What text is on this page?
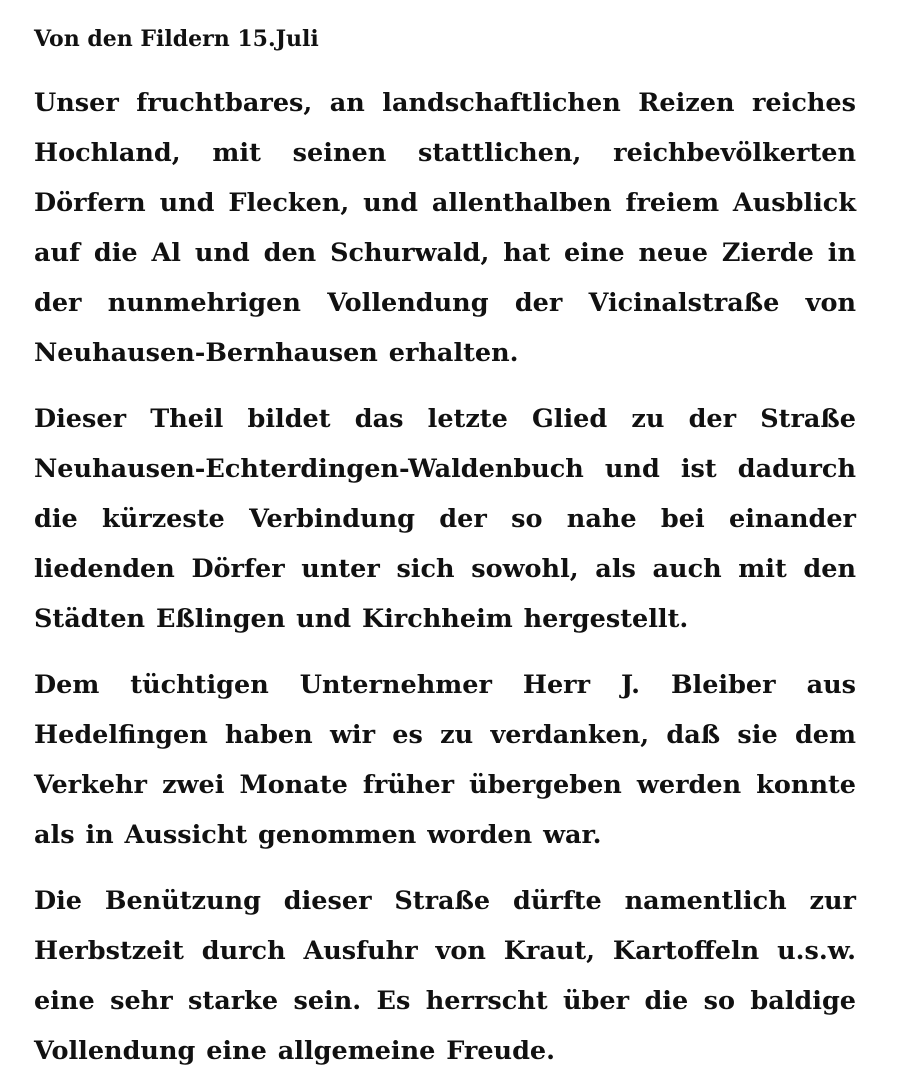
Von den Fildern 15.Juli

Unser fruchtbares, an landschaftlichen Reizen reiches Hochland, mit seinen stattlichen, reichbevölkerten Dörfern und Flecken, und allenthalben freiem Ausblick auf die Al und den Schurwald, hat eine neue Zierde in der nunmehrigen Vollendung der Vicinalstraße von Neuhausen-Bernhausen erhalten.

Dieser Theil bildet das letzte Glied zu der Straße Neuhausen-Echterdingen-Waldenbuch und ist dadurch die kürzeste Verbindung der so nahe bei einander liedenden Dörfer unter sich sowohl, als auch mit den Städten Eßlingen und Kirchheim hergestellt.

Dem tüchtigen Unternehmer Herr J. Bleiber aus Hedelfingen haben wir es zu verdanken, daß sie dem Verkehr zwei Monate früher übergeben werden konnte als in Aussicht genommen worden war.

Die Benützung dieser Straße dürfte namentlich zur Herbstzeit durch Ausfuhr von Kraut, Kartoffeln u.s.w. eine sehr starke sein. Es herrscht über die so baldige Vollendung eine allgemeine Freude.
